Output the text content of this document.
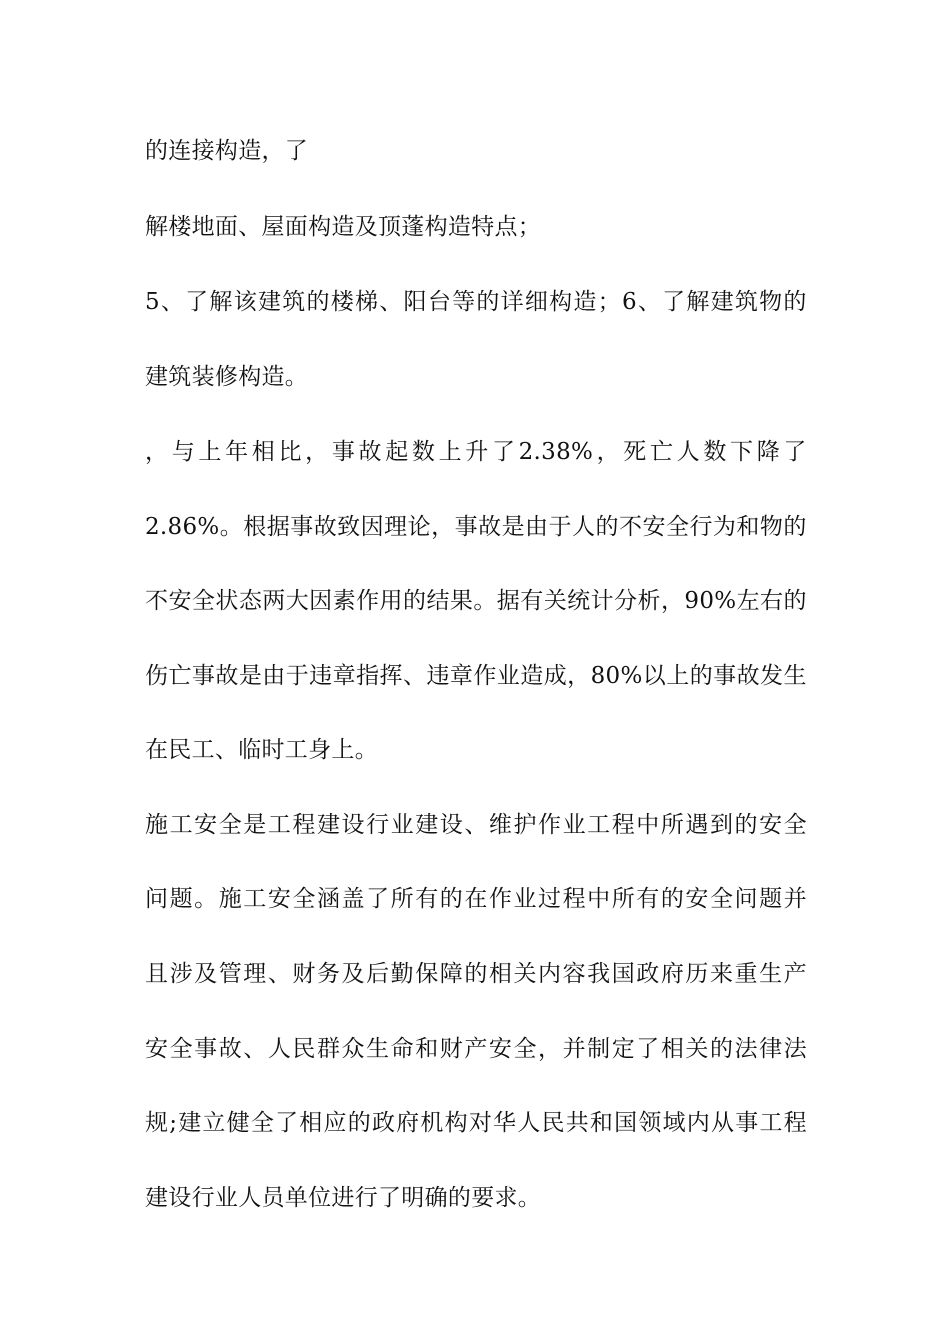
的连接构造，了
解楼地面、屋面构造及顶蓬构造特点；
5 、 了 解 该 建 筑 的 楼 梯 、 阳 台 等 的 详 细 构 造 ； 6 、 了 解 建 筑 物 的
建筑装修构造。
， 与 上 年 相 比 ， 事 故 起 数 上 升 了 2.38% ， 死 亡 人 数 下 降 了
2.86% 。 根 据 事 故 致 因 理 论 ， 事 故 是 由 于 人 的 不 安 全 行 为 和 物 的
不 安 全 状 态 两 大 因 素 作 用 的 结 果 。 据 有 关 统 计 分 析 ， 90% 左 右 的
伤 亡 事 故 是 由 于 违 章 指 挥 、 违 章 作 业 造 成 ， 80% 以 上 的 事 故 发 生
在民工、临时工身上。
施 工 安 全 是 工 程 建 设 行 业 建 设 、 维 护 作 业 工 程 中 所 遇 到 的 安 全
问 题 。 施 工 安 全 涵 盖 了 所 有 的 在 作 业 过 程 中 所 有 的 安 全 问 题 并
且 涉 及 管 理 、 财 务 及 后 勤 保 障 的 相 关 内 容 我 国 政 府 历 来 重 生 产
安 全 事 故 、 人 民 群 众 生 命 和 财 产 安 全 ， 并 制 定 了 相 关 的 法 律 法
规 ; 建 立 健 全 了 相 应 的 政 府 机 构 对 华 人 民 共 和 国 领 域 内 从 事 工 程
建设行业人员单位进行了明确的要求。
